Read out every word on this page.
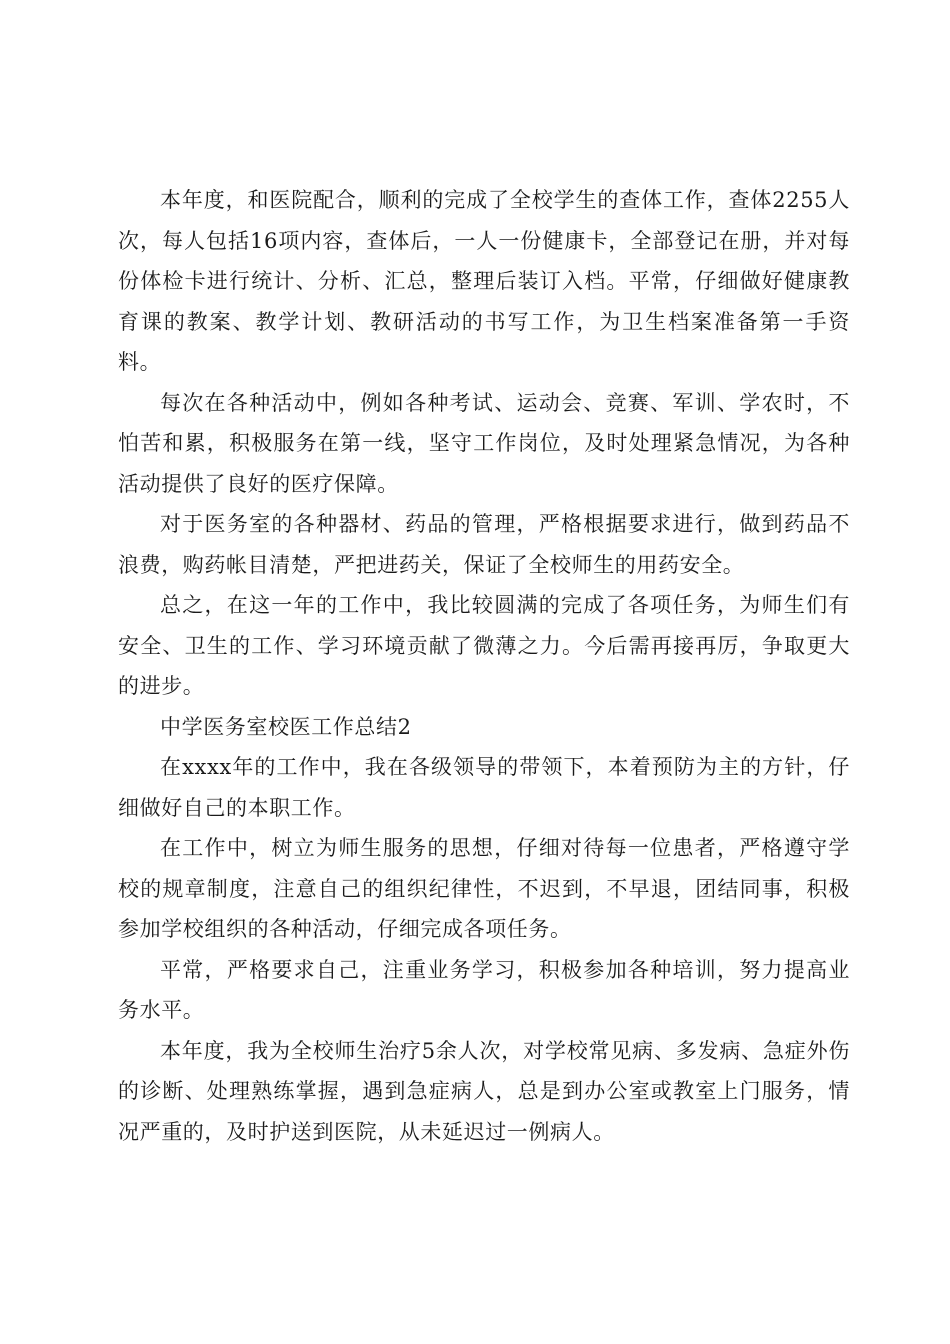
本年度，和医院配合，顺利的完成了全校学生的查体工作，查体2255人次，每人包括16项内容，查体后，一人一份健康卡，全部登记在册，并对每份体检卡进行统计、分析、汇总，整理后装订入档。平常，仔细做好健康教育课的教案、教学计划、教研活动的书写工作，为卫生档案准备第一手资料。

每次在各种活动中，例如各种考试、运动会、竞赛、军训、学农时，不怕苦和累，积极服务在第一线，坚守工作岗位，及时处理紧急情况，为各种活动提供了良好的医疗保障。

对于医务室的各种器材、药品的管理，严格根据要求进行，做到药品不浪费，购药帐目清楚，严把进药关，保证了全校师生的用药安全。

总之，在这一年的工作中，我比较圆满的完成了各项任务，为师生们有安全、卫生的工作、学习环境贡献了微薄之力。今后需再接再厉，争取更大的进步。

中学医务室校医工作总结2

在xxxx年的工作中，我在各级领导的带领下，本着预防为主的方针，仔细做好自己的本职工作。

在工作中，树立为师生服务的思想，仔细对待每一位患者，严格遵守学校的规章制度，注意自己的组织纪律性，不迟到，不早退，团结同事，积极参加学校组织的各种活动，仔细完成各项任务。

平常，严格要求自己，注重业务学习，积极参加各种培训，努力提高业务水平。

本年度，我为全校师生治疗5余人次，对学校常见病、多发病、急症外伤的诊断、处理熟练掌握，遇到急症病人，总是到办公室或教室上门服务，情况严重的，及时护送到医院，从未延迟过一例病人。
